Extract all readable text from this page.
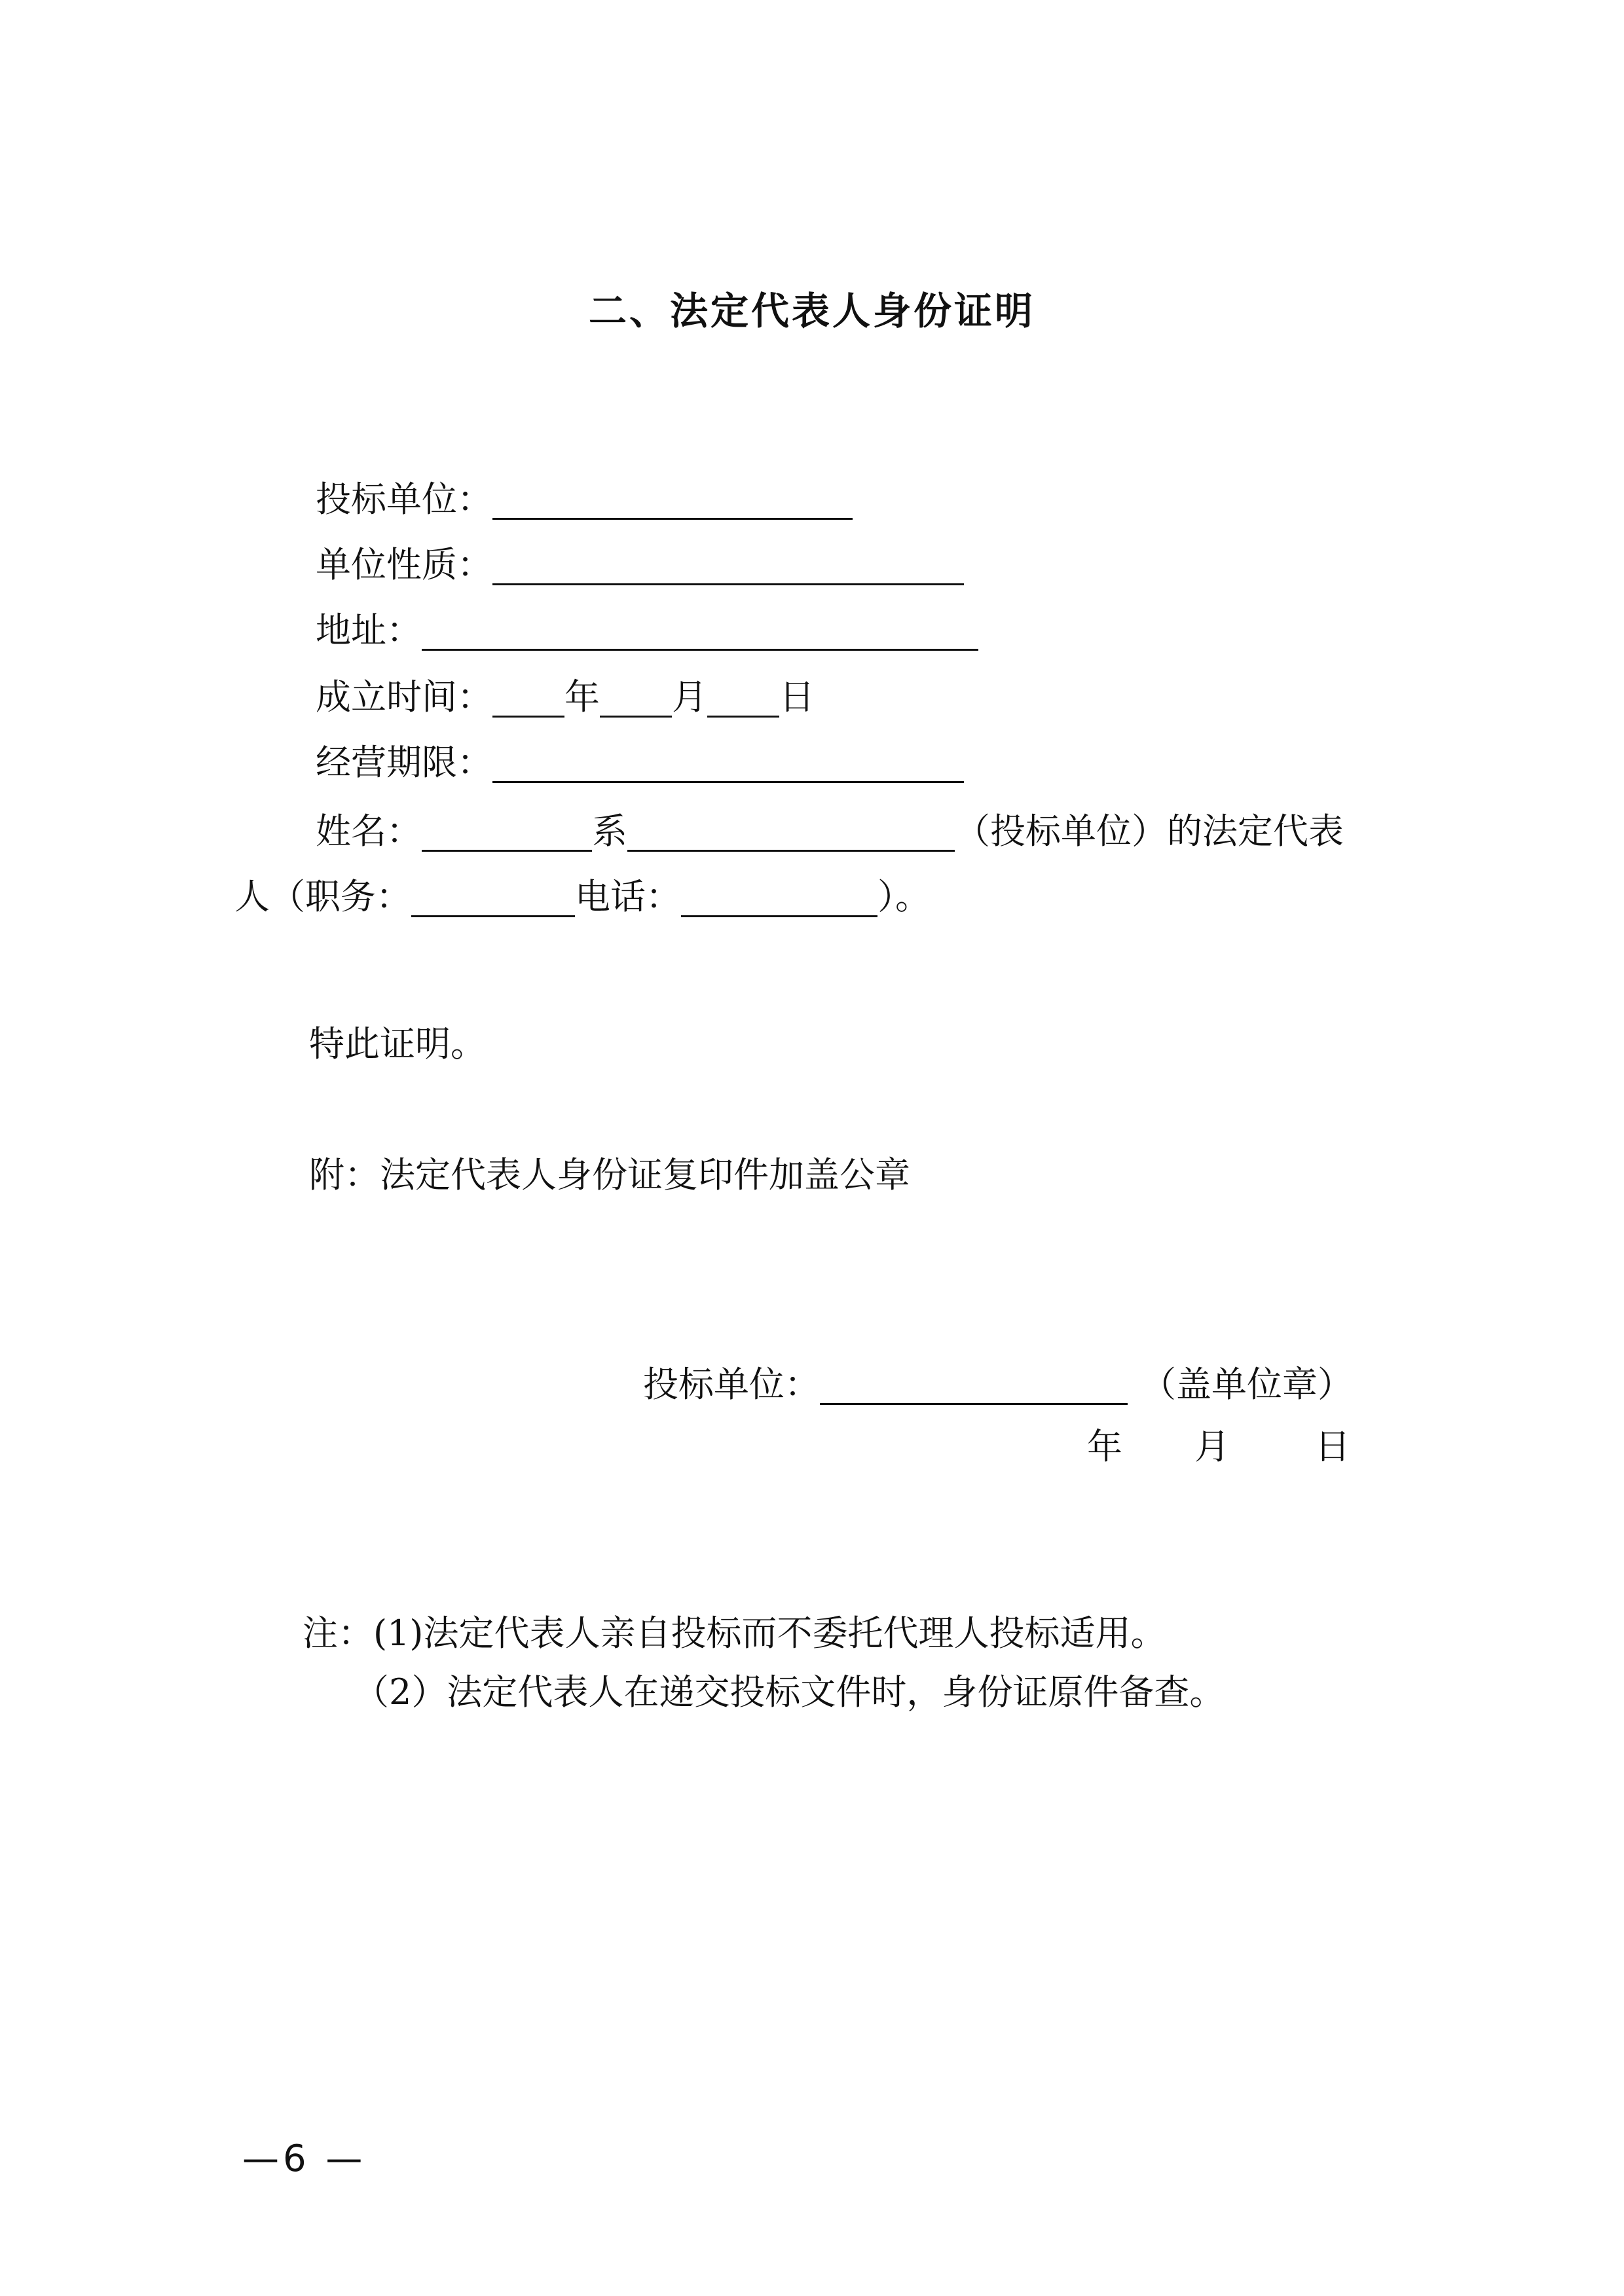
二、法定代表人身份证明
投标单位：
单位性质：
地址：
成立时间： 年 月 日
经营期限：
姓名：	系	（投标单位）的法定代表
人（职务：	电话：	）。
特此证明。
附：法定代表人身份证复印件加盖公章
投标单位：	（盖单位章）
年 月 日
注：(1)法定代表人亲自投标而不委托代理人投标适用。
（2）法定代表人在递交投标文件时，身份证原件备查。
—6 —
